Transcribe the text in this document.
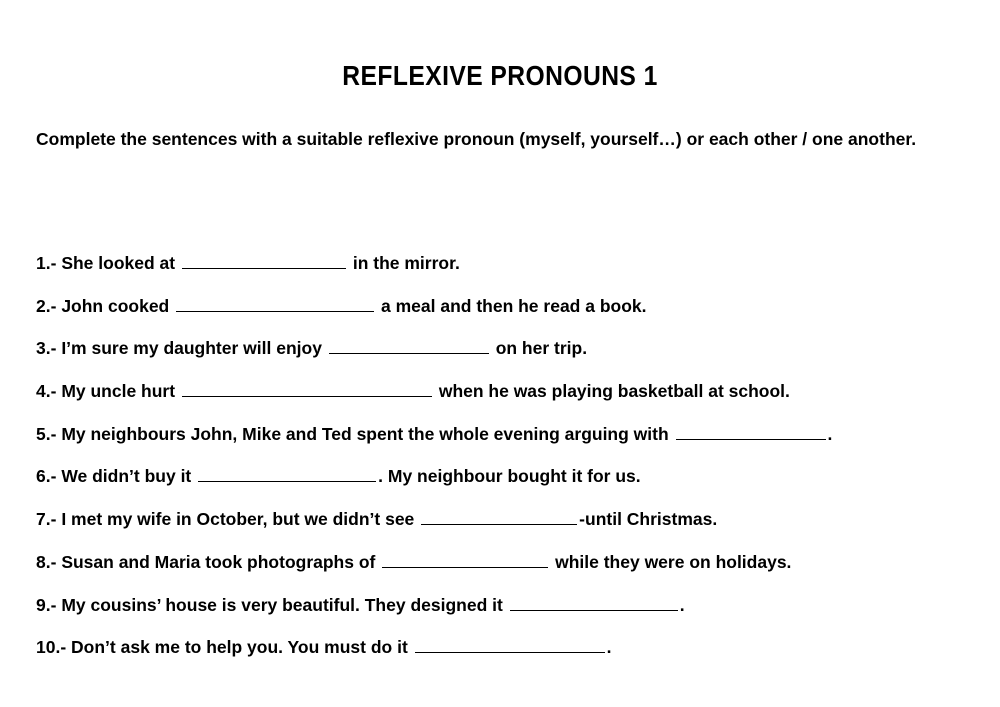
REFLEXIVE PRONOUNS 1
Complete the sentences with a suitable reflexive pronoun (myself, yourself…) or each other / one another.
1.- She looked at	in the mirror.
2.- John cooked	a meal and then he read a book.
3.- I’m sure my daughter will enjoy	on her trip.
4.- My uncle hurt	when he was playing basketball at school.
5.- My neighbours John, Mike and Ted spent the whole evening arguing with	.
6.- We didn’t buy it	. My neighbour bought it for us.
7.- I met my wife in October, but we didn’t see	-until Christmas.
8.- Susan and Maria took photographs of	while they were on holidays.
9.- My cousins’ house is very beautiful. They designed it	.
10.- Don’t ask me to help you. You must do it	.
